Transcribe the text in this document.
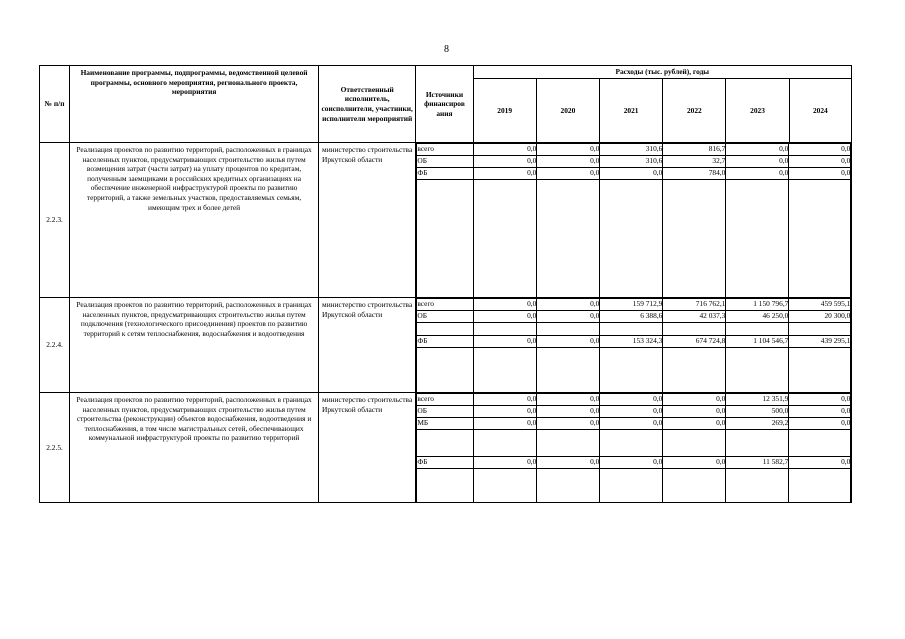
8
№ п/п	Наименование программы, подпрограммы, ведомственной целевой программы, основного мероприятия, регионального проекта, мероприятия	Ответственный исполнитель, соисполнители, участники, исполнители мероприятий	Источники финансиров ания	Расходы (тыс. рублей), годы
2019	2020	2021	2022	2023	2024
2.2.3.	Реализация проектов по развитию территорий, расположенных в границах населенных пунктов, предусматривающих строительство жилья путем возмещения затрат (части затрат) на уплату процентов по кредитам, полученным заемщиками в российских кредитных организациях на обеспечение инженерной инфраструктурой проекты по развитию территорий, а также земельных участков, предоставляемых семьям, имеющим трех и более детей	министерство строительства Иркутской области	
всего	0,0	0,0	310,6	816,7	0,0	0,0
ОБ	0,0	0,0	310,6	32,7	0,0	0,0
ФБ	0,0	0,0	0,0	784,0	0,0	0,0

2.2.4.	Реализация проектов по развитию территорий, расположенных в границах населенных пунктов, предусматривающих строительство жилья путем подключения (технологического присоединения) проектов по развитию территорий к сетям теплоснабжения, водоснабжения и водоотведения	министерство строительства Иркутской области	
всего	0,0	0,0	159 712,9	716 762,1	1 150 796,7	459 595,1
ОБ	0,0	0,0	6 388,6	42 037,3	46 250,0	20 300,0

ФБ	0,0	0,0	153 324,3	674 724,8	1 104 546,7	439 295,1

2.2.5.	Реализация проектов по развитию территорий, расположенных в границах населенных пунктов, предусматривающих строительство жилья путем строительства (реконструкции) объектов водоснабжения, водоотведения и теплоснабжения, в том числе магистральных сетей, обеспечивающих коммунальной инфраструктурой проекты по развитию территорий	министерство строительства Иркутской области	
всего	0,0	0,0	0,0	0,0	12 351,9	0,0
ОБ	0,0	0,0	0,0	0,0	500,0	0,0
МБ	0,0	0,0	0,0	0,0	269,2	0,0

ФБ	0,0	0,0	0,0	0,0	11 582,7	0,0
